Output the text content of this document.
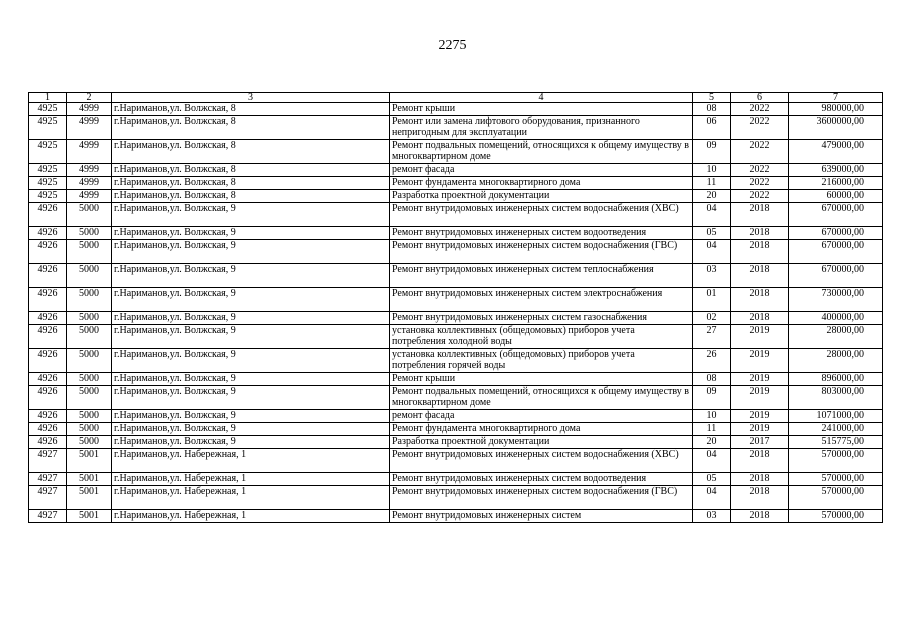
2275
1	2	3	4	5	6	7
4925	4999	г.Нариманов,ул. Волжская, 8	Ремонт крыши	08	2022	980000,00
4925	4999	г.Нариманов,ул. Волжская, 8	Ремонт или замена лифтового оборудования, признанного непригодным для эксплуатации	06	2022	3600000,00
4925	4999	г.Нариманов,ул. Волжская, 8	Ремонт подвальных помещений, относящихся к общему имуществу в многоквартирном доме	09	2022	479000,00
4925	4999	г.Нариманов,ул. Волжская, 8	ремонт фасада	10	2022	639000,00
4925	4999	г.Нариманов,ул. Волжская, 8	Ремонт фундамента многоквартирного дома	11	2022	216000,00
4925	4999	г.Нариманов,ул. Волжская, 8	Разработка проектной документации	20	2022	60000,00
4926	5000	г.Нариманов,ул. Волжская, 9	Ремонт внутридомовых инженерных систем водоснабжения (ХВС)	04	2018	670000,00
4926	5000	г.Нариманов,ул. Волжская, 9	Ремонт внутридомовых инженерных систем водоотведения	05	2018	670000,00
4926	5000	г.Нариманов,ул. Волжская, 9	Ремонт внутридомовых инженерных систем водоснабжения (ГВС)	04	2018	670000,00
4926	5000	г.Нариманов,ул. Волжская, 9	Ремонт внутридомовых инженерных систем теплоснабжения	03	2018	670000,00
4926	5000	г.Нариманов,ул. Волжская, 9	Ремонт внутридомовых инженерных систем электроснабжения	01	2018	730000,00
4926	5000	г.Нариманов,ул. Волжская, 9	Ремонт внутридомовых инженерных систем газоснабжения	02	2018	400000,00
4926	5000	г.Нариманов,ул. Волжская, 9	установка коллективных (общедомовых) приборов учета потребления холодной воды	27	2019	28000,00
4926	5000	г.Нариманов,ул. Волжская, 9	установка коллективных (общедомовых) приборов учета потребления горячей воды	26	2019	28000,00
4926	5000	г.Нариманов,ул. Волжская, 9	Ремонт крыши	08	2019	896000,00
4926	5000	г.Нариманов,ул. Волжская, 9	Ремонт подвальных помещений, относящихся к общему имуществу в многоквартирном доме	09	2019	803000,00
4926	5000	г.Нариманов,ул. Волжская, 9	ремонт фасада	10	2019	1071000,00
4926	5000	г.Нариманов,ул. Волжская, 9	Ремонт фундамента многоквартирного дома	11	2019	241000,00
4926	5000	г.Нариманов,ул. Волжская, 9	Разработка проектной документации	20	2017	515775,00
4927	5001	г.Нариманов,ул. Набережная, 1	Ремонт внутридомовых инженерных систем водоснабжения (ХВС)	04	2018	570000,00
4927	5001	г.Нариманов,ул. Набережная, 1	Ремонт внутридомовых инженерных систем водоотведения	05	2018	570000,00
4927	5001	г.Нариманов,ул. Набережная, 1	Ремонт внутридомовых инженерных систем водоснабжения (ГВС)	04	2018	570000,00
4927	5001	г.Нариманов,ул. Набережная, 1	Ремонт внутридомовых инженерных систем	03	2018	570000,00
